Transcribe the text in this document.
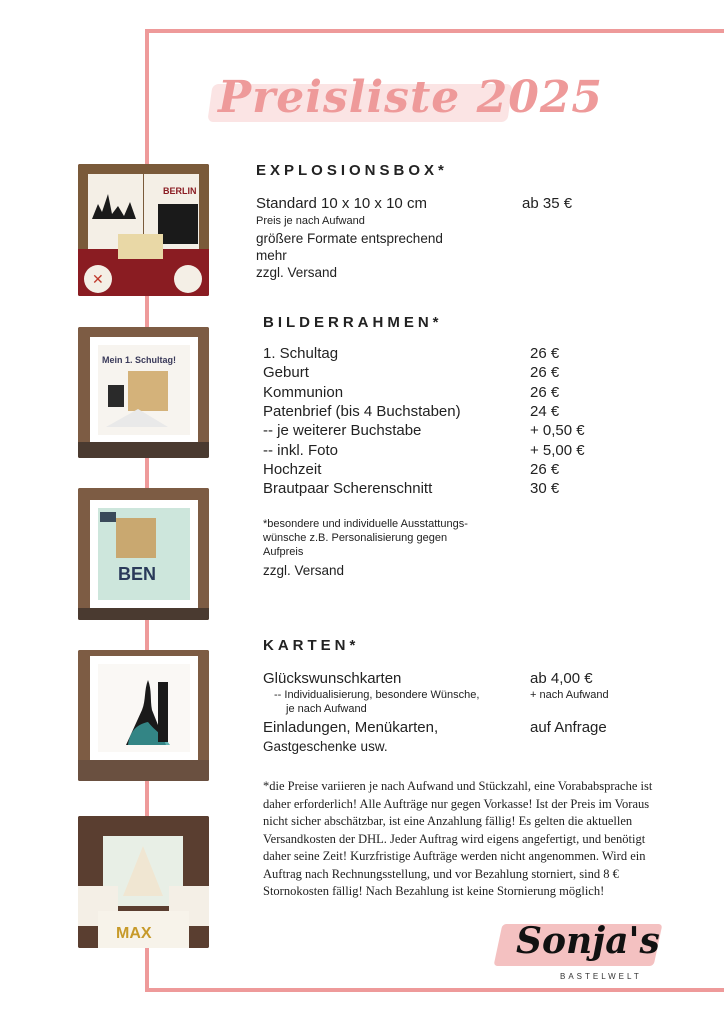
Preisliste 2025
BERLIN
✕
Mein 1. Schultag!
BEN
MAX
EXPLOSIONSBOX*
Standard 10 x 10 x 10 cm	ab 35 €
Preis je nach Aufwand
größere Formate entsprechend
mehr
zzgl. Versand
BILDERRAHMEN*
1. Schultag	26 €
Geburt	26 €
Kommunion	26 €
Patenbrief (bis 4 Buchstaben)	24 €
-- je weiterer Buchstabe	+ 0,50 €
-- inkl. Foto	+ 5,00 €
Hochzeit	26 €
Brautpaar Scherenschnitt	30 €
*besondere und individuelle Ausstattungs-
wünsche z.B. Personalisierung gegen
Aufpreis
zzgl. Versand
KARTEN*
Glückswunschkarten	ab 4,00 €
-- Individualisierung, besondere Wünsche,	+ nach Aufwand
je nach Aufwand
Einladungen, Menükarten,	auf Anfrage
Gastgeschenke usw.
*die Preise variieren je nach Aufwand und Stückzahl, eine Vorababsprache ist daher erforderlich! Alle Aufträge nur gegen Vorkasse! Ist der Preis im Voraus nicht sicher abschätzbar, ist eine Anzahlung fällig! Es gelten die aktuellen Versandkosten der DHL. Jeder Auftrag wird eigens angefertigt, und benötigt daher seine Zeit! Kurzfristige Aufträge werden nicht angenommen. Wird ein Auftrag nach Rechnungsstellung, und vor Bezahlung storniert, sind 8 € Stornokosten fällig! Nach Bezahlung ist keine Stornierung möglich!
Sonja's
BASTELWELT
